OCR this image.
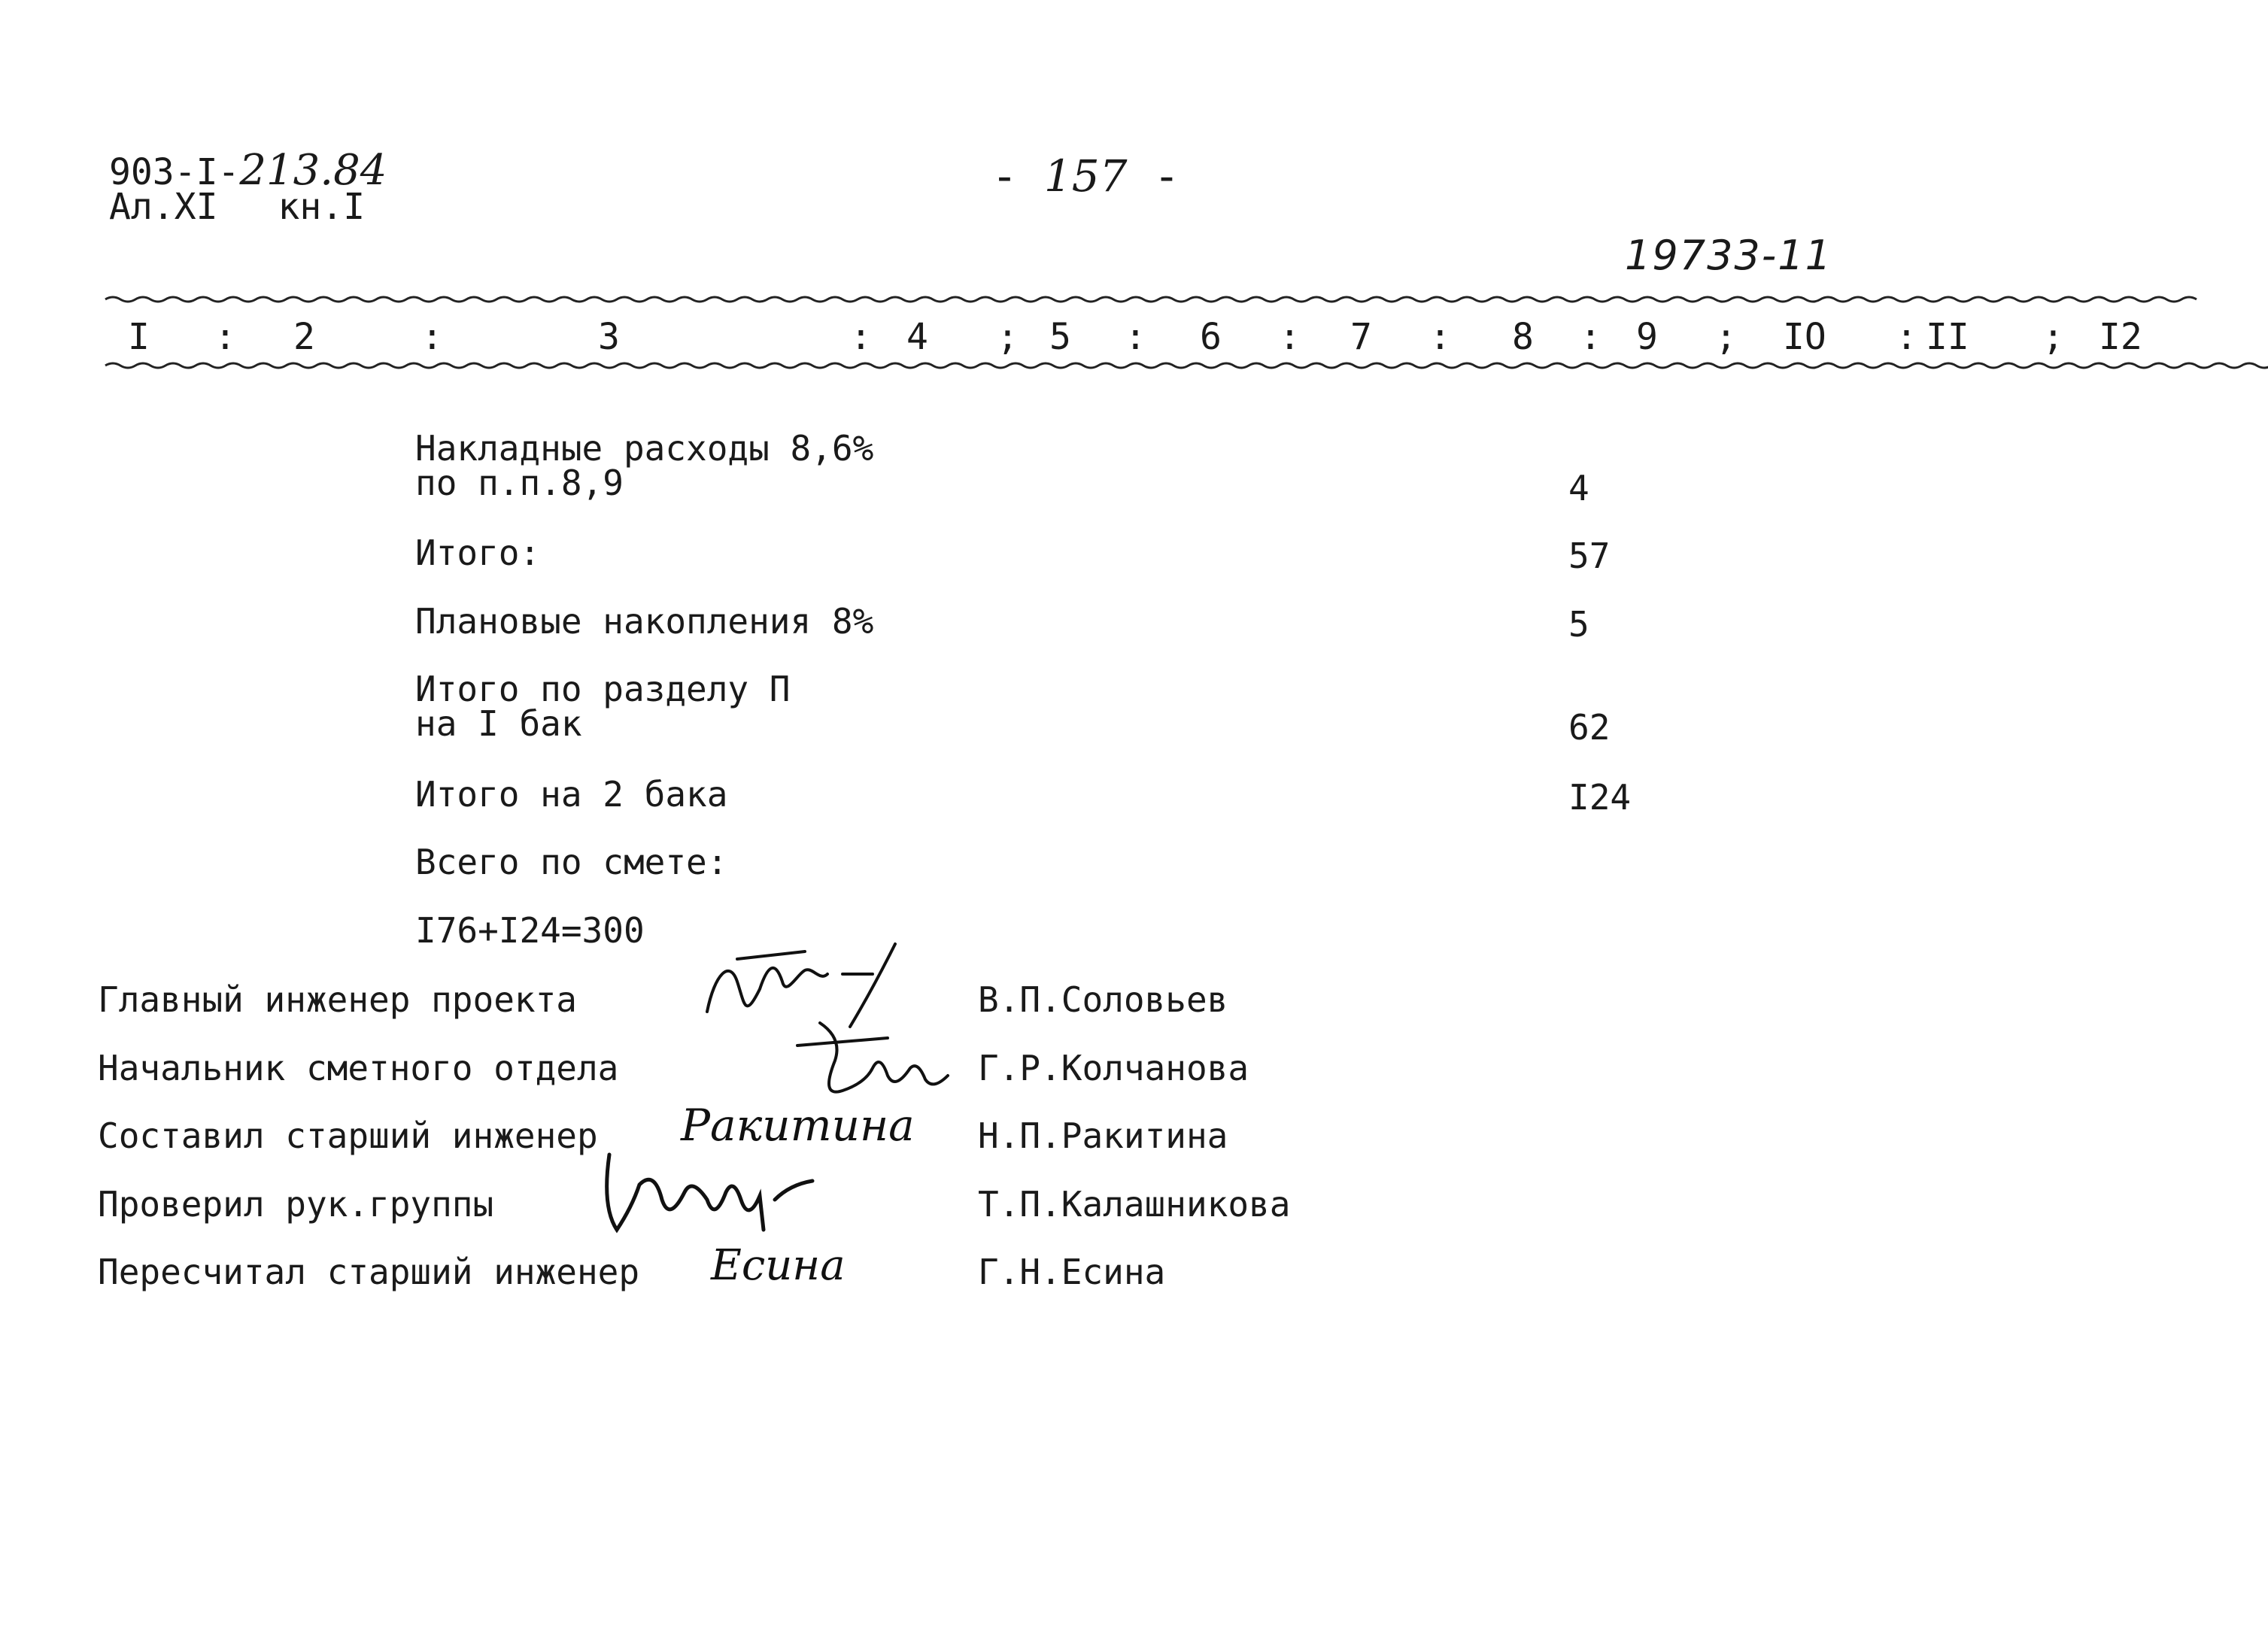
903-I-213.84
Ал.XI кн.I
- 157 -
19733-11
I : 2	:	3	: 4 ; 5 : 6 : 7 : 8 : 9 ; IO : II ; I2
Накладные расходы 8,6%
по п.п.8,9	4
Итого:	57
Плановые накопления 8%	5
Итого по разделу П
на I бак	62
Итого на 2 бака	I24
Всего по смете:
I76+I24=300
Главный инженер проекта	В.П.Соловьев
Начальник сметного отдела	Г.Р.Колчанова
Составил старший инженер	Н.П.Ракитина
Проверил рук.группы	Т.П.Калашникова
Пересчитал старший инженер	Г.Н.Есина
Ракитина
Есина
